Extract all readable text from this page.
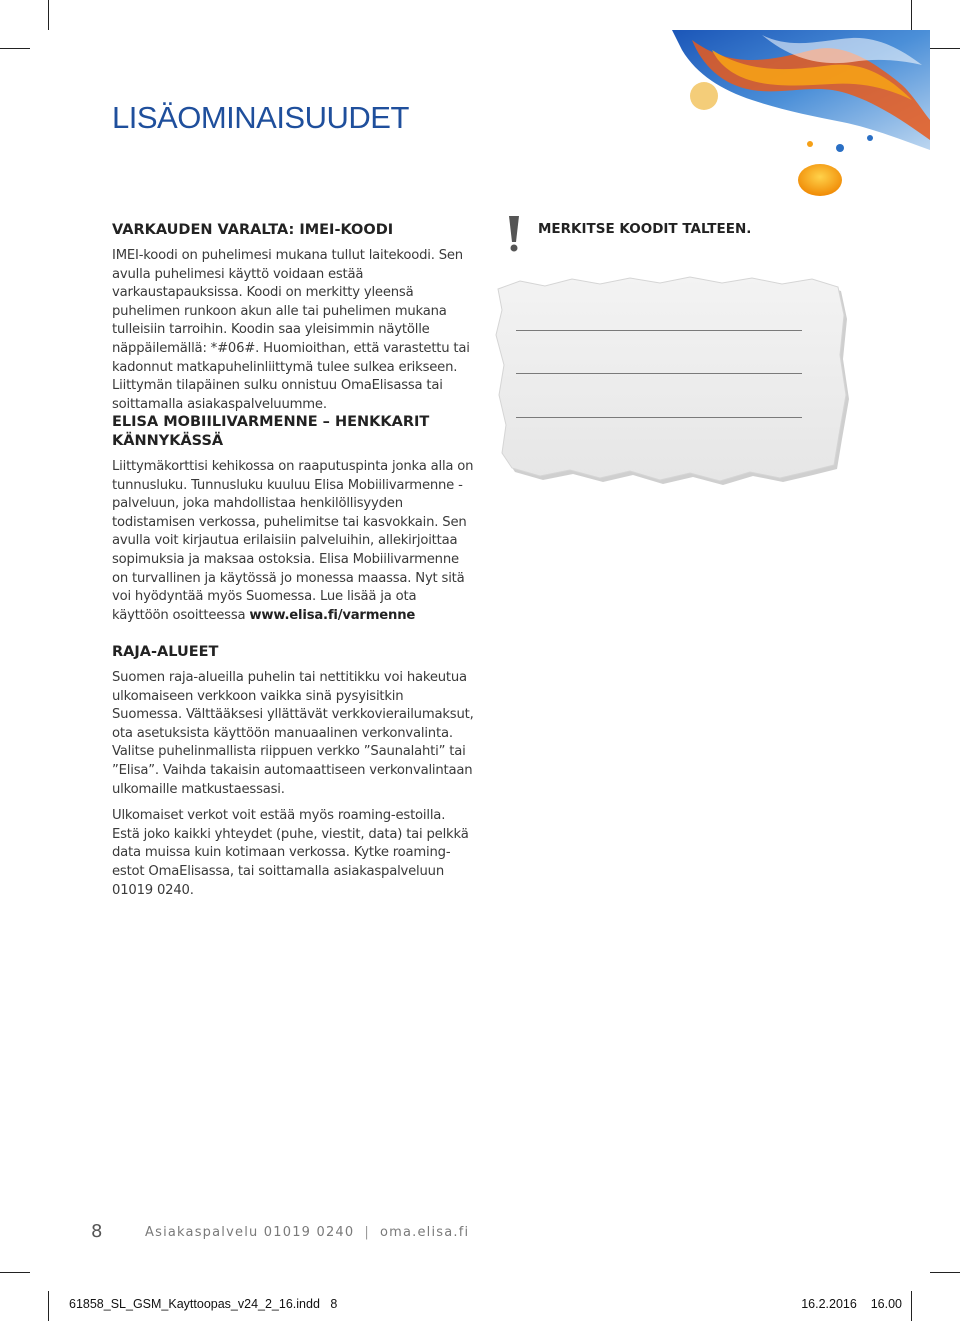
LISÄOMINAISUUDET
VARKAUDEN VARALTA: IMEI-KOODI

IMEI-koodi on puhelimesi mukana tullut laitekoodi. Sen avulla puhelimesi käyttö voidaan estää varkaustapauksissa. Koodi on merkitty yleensä puhelimen runkoon akun alle tai puhelimen mukana tulleisiin tarroihin. Koodin saa yleisimmin näytölle näppäilemällä: *#06#. Huomioithan, että varastettu tai kadonnut matkapuhelinliittymä tulee sulkea erikseen. Liittymän tilapäinen sulku onnistuu OmaElisassa tai soittamalla asiakaspalveluumme.

ELISA MOBIILIVARMENNE – HENKKARIT KÄNNYKÄSSÄ

Liittymäkorttisi kehikossa on raaputuspinta jonka alla on tunnusluku. Tunnusluku kuuluu Elisa Mobiilivarmenne -palveluun, joka mahdollistaa henkilöllisyyden todistamisen verkossa, puhelimitse tai kasvokkain. Sen avulla voit kirjautua erilaisiin palveluihin, allekirjoittaa sopimuksia ja maksaa ostoksia. Elisa Mobiilivarmenne on turvallinen ja käytössä jo monessa maassa. Nyt sitä voi hyödyntää myös Suomessa. Lue lisää ja ota käyttöön osoitteessa www.elisa.fi/varmenne

RAJA-ALUEET

Suomen raja-alueilla puhelin tai nettitikku voi hakeutua ulkomaiseen verkkoon vaikka sinä pysyisitkin Suomessa. Välttääksesi yllättävät verkkovierailumaksut, ota asetuksista käyttöön manuaalinen verkonvalinta. Valitse puhelinmallista riippuen verkko ”Saunalahti” tai ”Elisa”. Vaihda takaisin automaattiseen verkonvalintaan ulkomaille matkustaessasi.

Ulkomaiset verkot voit estää myös roaming-estoilla. Estä joko kaikki yhteydet (puhe, viestit, data) tai pelkkä data muissa kuin kotimaan verkossa. Kytke roaming-estot OmaElisassa, tai soittamalla asiakaspalveluun 01019 0240.

MERKITSE KOODIT TALTEEN.

8	Asiakaspalvelu 01019 0240 | oma.elisa.fi
61858_SL_GSM_Kayttoopas_v24_2_16.indd 8	16.2.2016 16.00
